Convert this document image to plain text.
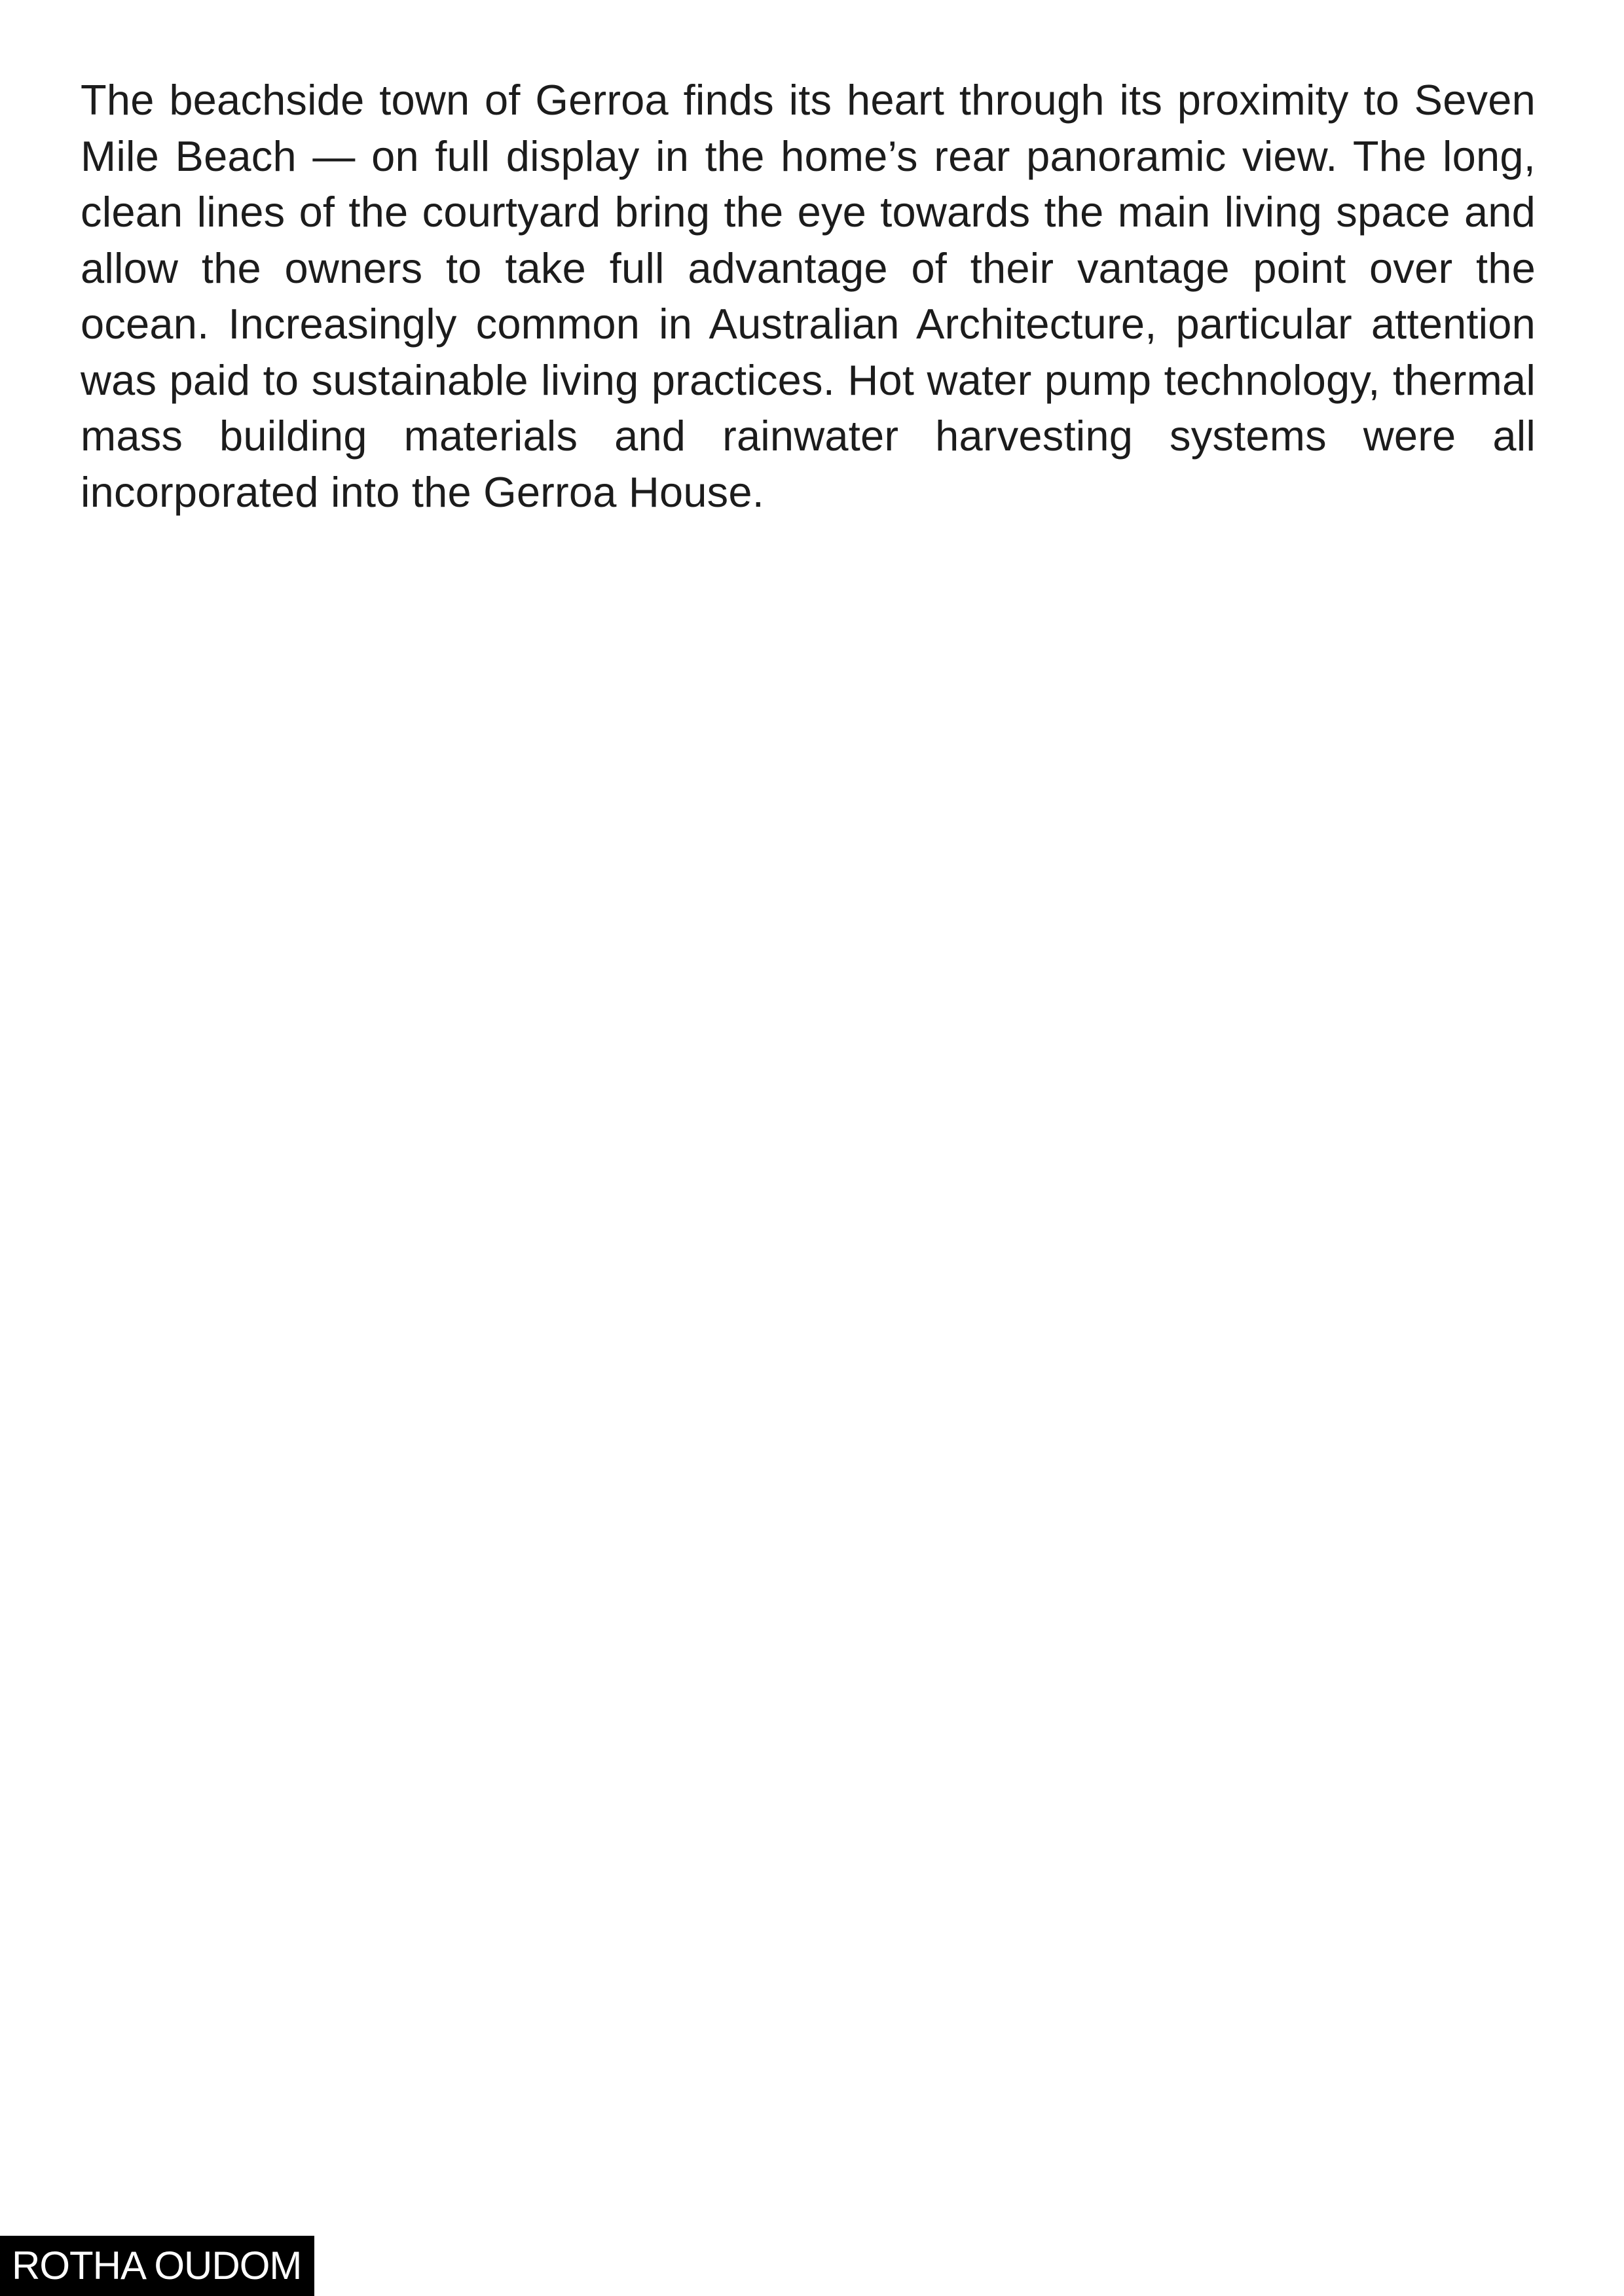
The beachside town of Gerroa finds its heart through its proximity to Seven Mile Beach — on full display in the home’s rear panoramic view. The long, clean lines of the courtyard bring the eye towards the main living space and allow the owners to take full advantage of their vantage point over the ocean. Increasingly common in Australian Architecture, particular attention was paid to sustainable living practices. Hot water pump technology, thermal mass building materials and rainwater harvesting systems were all incorporated into the Gerroa House.

ROTHA OUDOM
